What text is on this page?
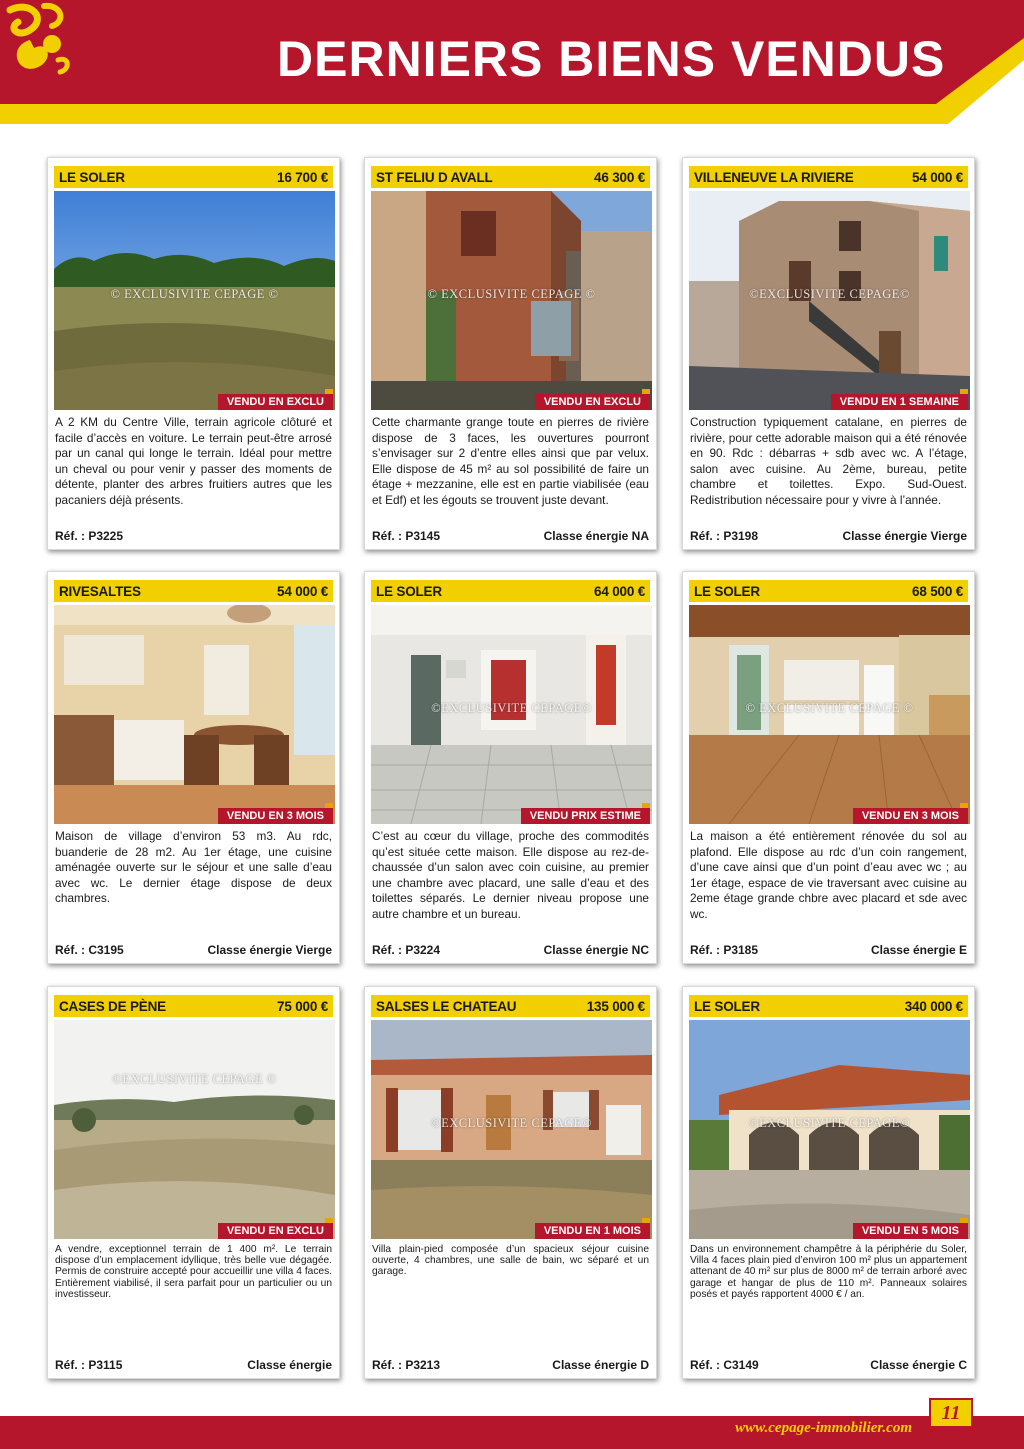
DERNIERS BIENS VENDUS
LE SOLER	16 700 €
© EXCLUSIVITE CEPAGE ©
VENDU EN EXCLU
A 2 KM du Centre Ville, terrain agricole clôturé et facile d’accès en voiture. Le terrain peut-être arrosé par un canal qui longe le terrain. Idéal pour mettre un cheval ou pour venir y passer des moments de détente, planter des arbres fruitiers autres que les pacaniers déjà présents.
Réf. : P3225
ST FELIU D AVALL	46 300 €
© EXCLUSIVITE CEPAGE ©
VENDU EN EXCLU
Cette charmante grange toute en pierres de rivière dispose de 3 faces, les ouvertures pourront s’envisager sur 2 d’entre elles ainsi que par velux. Elle dispose de 45 m² au sol possibilité de faire un étage + mezzanine, elle est en partie viabilisée (eau et Edf) et les égouts se trouvent juste devant.
Réf. : P3145	Classe énergie NA
VILLENEUVE LA RIVIERE	54 000 €
©EXCLUSIVITE CEPAGE©
VENDU EN 1 SEMAINE
Construction typiquement catalane, en pierres de rivière, pour cette adorable maison qui a été rénovée en 90. Rdc : débarras + sdb avec wc. A l’étage, salon avec cuisine. Au 2ème, bureau, petite chambre et toilettes. Expo. Sud-Ouest. Redistribution nécessaire pour y vivre à l’année.
Réf. : P3198	Classe énergie Vierge
RIVESALTES	54 000 €
VENDU EN 3 MOIS
Maison de village d’environ 53 m3. Au rdc, buanderie de 28 m2. Au 1er étage, une cuisine aménagée ouverte sur le séjour et une salle d’eau avec wc. Le dernier étage dispose de deux chambres.
Réf. : C3195	Classe énergie Vierge
LE SOLER	64 000 €
©EXCLUSIVITE CEPAGE©
VENDU PRIX ESTIME
C’est au cœur du village, proche des commodités qu’est située cette maison. Elle dispose au rez-de-chaussée d’un salon avec coin cuisine, au premier une chambre avec placard, une salle d’eau et des toilettes séparés. Le dernier niveau propose une autre chambre et un bureau.
Réf. : P3224	Classe énergie NC
LE SOLER	68 500 €
© EXCLUSIVITE CEPAGE ©
VENDU EN 3 MOIS
La maison a été entièrement rénovée du sol au plafond. Elle dispose au rdc d’un coin rangement, d’une cave ainsi que d’un point d’eau avec wc ; au 1er étage, espace de vie traversant avec cuisine au 2eme étage grande chbre avec placard et sde avec wc.
Réf. : P3185	Classe énergie E
CASES DE PÈNE	75 000 €
©EXCLUSIVITE CEPAGE ©
VENDU EN EXCLU
A vendre, exceptionnel terrain de 1 400 m². Le terrain dispose d’un emplacement idyllique, très belle vue dégagée. Permis de construire accepté pour accueillir une villa 4 faces. Entièrement viabilisé, il sera parfait pour un particulier ou un investisseur.
Réf. : P3115	Classe énergie
SALSES LE CHATEAU	135 000 €
©EXCLUSIVITE CEPAGE©
VENDU EN 1 MOIS
Villa plain-pied composée d’un spacieux séjour cuisine ouverte, 4 chambres, une salle de bain, wc séparé et un garage.
Réf. : P3213	Classe énergie D
LE SOLER	340 000 €
©EXCLUSIVITE CEPAGE©
VENDU EN 5 MOIS
Dans un environnement champêtre à la périphérie du Soler, Villa 4 faces plain pied d’environ 100 m² plus un appartement attenant de 40 m² sur plus de 8000 m² de terrain arboré avec garage et hangar de plus de 110 m². Panneaux solaires posés et payés rapportent 4000 € / an.
Réf. : C3149	Classe énergie C
www.cepage-immobilier.com
11
